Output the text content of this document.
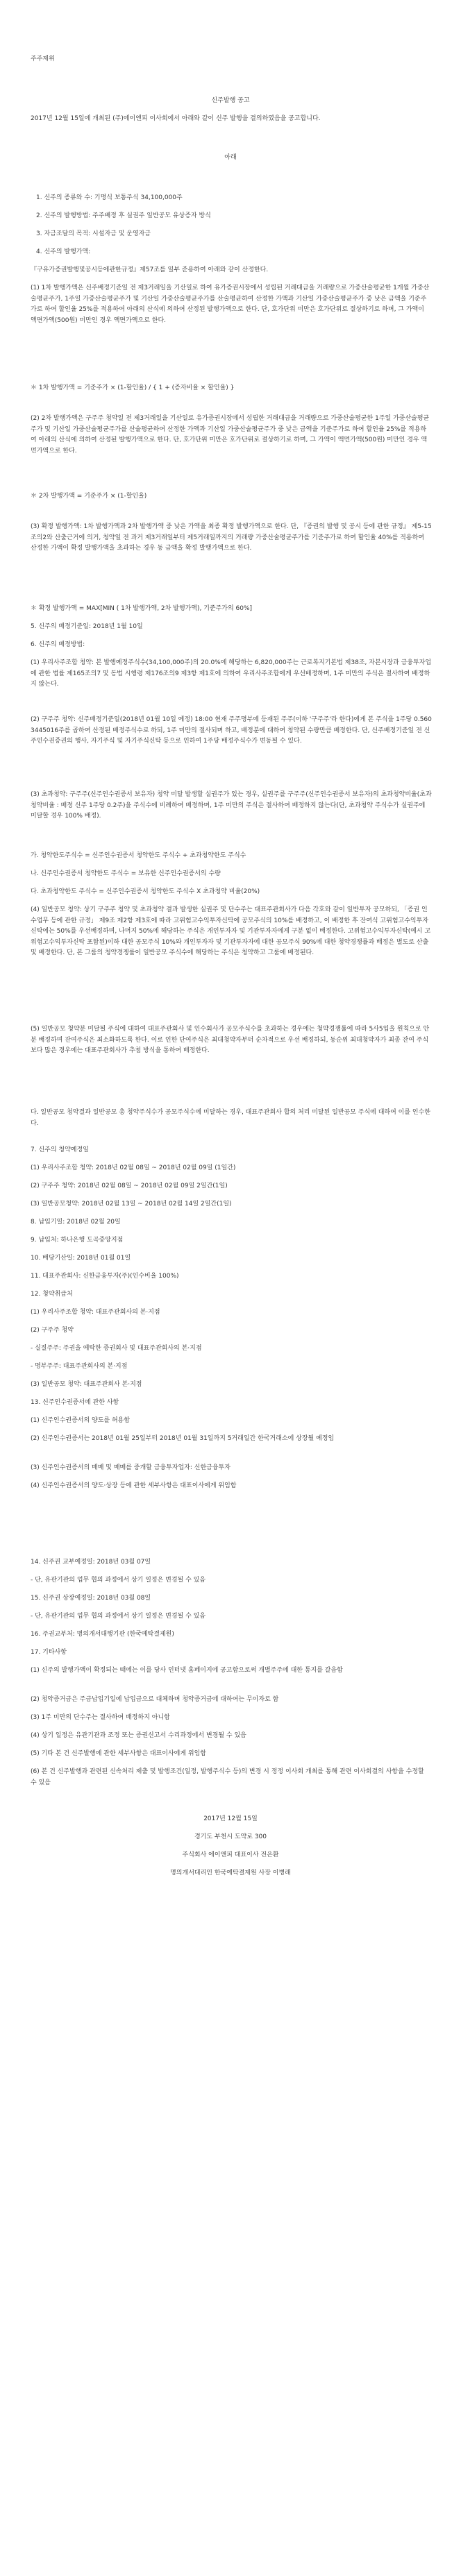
주주제위
신주발행 공고
2017년 12월 15일에 개최된 (주)에이앤피 이사회에서 아래와 같이 신주 발행을 결의하였음을 공고합니다.
아래
1. 신주의 종류와 수: 기명식 보통주식 34,100,000주
2. 신주의 발행방법: 주주배정 후 실권주 일반공모 유상증자 방식
3. 자금조달의 목적: 시설자금 및 운영자금
4. 신주의 발행가액:
『구유가증권발행및공시등에관한규정』제57조를 일부 준용하여 아래와 같이 산정한다.
(1) 1차 발행가액은 신주배정기준일 전 제3거래일을 기산일로 하여 유가증권시장에서 성립된 거래대금을 거래량으로 가중산술평균한 1개월 가중산술평균주가, 1주일 가중산술평균주가 및 기산일 가중산술평균주가를 산술평균하여 산정한 가액과 기산일 가중산술평균주가 중 낮은 금액을 기준주가로 하여 할인율 25%를 적용하여 아래의 산식에 의하여 산정된 발행가액으로 한다. 단, 호가단위 미만은 호가단위로 절상하기로 하며, 그 가액이 액면가액(500원) 미만인 경우 액면가액으로 한다.
＊ 1차 발행가액 = 기준주가 × (1-할인율) / { 1 + (증자비율 × 할인율) }
(2) 2차 발행가액은 구주주 청약일 전 제3거래일을 기산일로 유가증권시장에서 성립한 거래대금을 거래량으로 가중산술평균한 1주일 가중산술평균주가 및 기산일 가중산술평균주가를 산술평균하여 산정한 가액과 기산일 가중산술평균주가 중 낮은 금액을 기준주가로 하여 할인율 25%를 적용하여 아래의 산식에 의하여 산정된 발행가액으로 한다. 단, 호가단위 미만은 호가단위로 절상하기로 하며, 그 가액이 액면가액(500원) 미만인 경우 액면가액으로 한다.
＊ 2차 발행가액 = 기준주가 × (1-할인율)
(3) 확정 발행가액: 1차 발행가액과 2차 발행가액 중 낮은 가액을 최종 확정 발행가액으로 한다. 단, 『증권의 발행 및 공시 등에 관한 규정』 제5-15조의2와 산출근거에 의거, 청약일 전 과거 제3거래일부터 제5거래일까지의 거래량 가중산술평균주가를 기준주가로 하여 할인율 40%를 적용하여 산정한 가액이 확정 발행가액을 초과하는 경우 동 금액을 확정 발행가액으로 한다.
＊ 확정 발행가액 = MAX[MIN ( 1차 발행가액, 2차 발행가액), 기준주가의 60%]
5. 신주의 배정기준일: 2018년 1월 10일
6. 신주의 배정방법:
(1) 우리사주조합 청약: 본 발행예정주식수(34,100,000주)의 20.0%에 해당하는 6,820,000주는 근로복지기본법 제38조, 자본시장과 금융투자업에 관한 법률 제165조의7 및 동법 시행령 제176조의9 제3항 제1호에 의하여 우리사주조합에게 우선배정하며, 1주 미만의 주식은 절사하여 배정하지 않는다.
(2) 구주주 청약: 신주배정기준일(2018년 01월 10일 예정) 18:00 현재 주주명부에 등재된 주주(이하 '구주주'라 한다)에게 본 주식을 1주당 0.5603445016주를 곱하여 산정된 배정주식수로 하되, 1주 미만의 절사되며 하고, 배정분에 대하여 청약된 수량만큼 배정한다. 단, 신주배정기준일 전 신주인수권증권의 행사, 자기주식 및 자기주식신탁 등으로 인하여 1주당 배정주식수가 변동될 수 있다.
(3) 초과청약: 구주주(신주인수권증서 보유자) 청약 미달 발생할 실권주가 있는 경우, 실권주를 구주주(신주인수권증서 보유자)의 초과청약비율(초과청약비율 : 배정 신주 1주당 0.2주)을 주식수에 비례하여 배정하며, 1주 미만의 주식은 절사하여 배정하지 않는다(단, 초과청약 주식수가 실권주에 미달할 경우 100% 배정).
가. 청약한도주식수 = 신주인수권증서 청약한도 주식수 + 초과청약한도 주식수
나. 신주인수권증서 청약한도 주식수 = 보유한 신주인수권증서의 수량
다. 초과청약한도 주식수 = 신주인수권증서 청약한도 주식수 X 초과청약 비율(20%)
(4) 일반공모 청약: 상기 구주주 청약 및 초과청약 결과 발생한 실권주 및 단수주는 대표주관회사가 다음 각호와 같이 일반투자 공모하되, 「증권 인수업무 등에 관한 규정」 제9조 제2항 제3호에 따라 고위험고수익투자신탁에 공모주식의 10%를 배정하고, 이 배정한 후 잔여식 고위험고수익투자신탁에는 50%를 우선배정하며, 나머지 50%에 해당하는 주식은 개인투자자 및 기관투자자에게 구분 없이 배정한다. 고위험고수익투자신탁(예시 고위험고수익투자신탁 포함된)이하 대한 공모주식 10%와 개인투자자 및 기관투자자에 대한 공모주식 90%에 대한 청약경쟁률과 배정은 별도로 산출 및 배정한다. 단, 본 그룹의 청약경쟁률이 일반공모 주식수에 해당하는 주식은 청약하고 그룹에 배정된다.
(5) 일반공모 청약분 미달될 주식에 대하여 대표주관회사 및 인수회사가 공모주식수를 초과하는 경우에는 청약경쟁률에 따라 5사5입을 원칙으로 안분 배정하며 잔여주식은 최소화하도록 한다. 이로 인한 단여주식은 최대청약자부터 순차적으로 우선 배정하되, 동순위 최대청약자가 최종 잔여 주식보다 많은 경우에는 대표주관회사가 추첨 방식을 통하여 배정한다.
다. 일반공모 청약결과 일반공모 총 청약주식수가 공모주식수에 미달하는 경우, 대표주관회사 합의 처리 미달된 일반공모 주식에 대하여 이를 인수한다.
7. 신주의 청약예정일
(1) 우리사주조합 청약: 2018년 02월 08일 ~ 2018년 02월 09일 (1일간)
(2) 구주주 청약: 2018년 02월 08일 ~ 2018년 02월 09일 2일간(1일)
(3) 일반공모청약: 2018년 02월 13일 ~ 2018년 02월 14일 2일간(1일)
8. 납입기일: 2018년 02월 20일
9. 납입처: 하나은행 도곡중앙지점
10. 배당기산일: 2018년 01월 01일
11. 대표주관회사: 신한금융투자(주)(인수비율 100%)
12. 청약취급처
(1) 우리사주조합 청약: 대표주관회사의 본·지점
(2) 구주주 청약
- 실질주주: 주권을 예탁한 증권회사 및 대표주관회사의 본·지점
- 명부주주: 대표주관회사의 본·지점
(3) 일반공모 청약: 대표주관회사 본·지점
13. 신주인수권증서에 관한 사항
(1) 신주인수권증서의 양도를 허용함
(2) 신주인수권증서는 2018년 01월 25일부터 2018년 01월 31일까지 5거래일간 한국거래소에 상장될 예정임
(3) 신주인수권증서의 매매 및 매매를 중개할 금융투자업자: 신한금융투자
(4) 신주인수권증서의 양도·상장 등에 관한 세부사항은 대표이사에게 위임함
14. 신주권 교부예정일: 2018년 03월 07일
- 단, 유관기관의 업무 협의 과정에서 상기 일정은 변경될 수 있음
15. 신주권 상장예정일: 2018년 03월 08일
- 단, 유관기관의 업무 협의 과정에서 상기 일정은 변경될 수 있음
16. 주권교부처: 명의개서대행기관 (한국예탁결제원)
17. 기타사항
(1) 신주의 발행가액이 확정되는 때에는 이를 당사 인터넷 홈페이지에 공고함으로써 개별주주에 대한 통지를 갈음함
(2) 청약증거금은 주금납입기일에 납입금으로 대체하며 청약증거금에 대하여는 무이자로 함
(3) 1주 미만의 단수주는 절사하여 배정하지 아니함
(4) 상기 일정은 유관기관과 조정 또는 증권신고서 수리과정에서 변경될 수 있음
(5) 기타 본 건 신주발행에 관한 세부사항은 대표이사에게 위임함
(6) 본 건 신주발행과 관련된 신속처리 제출 및 발행조건(일정, 발행주식수 등)의 변경 시 정정 이사회 개최를 통해 관련 이사회결의 사항을 수정할 수 있음
2017년 12월 15일
경기도 부천시 도약로 300
주식회사 에이앤피 대표이사 전은환
명의개서대리인 한국예탁결제원 사장 이병래
